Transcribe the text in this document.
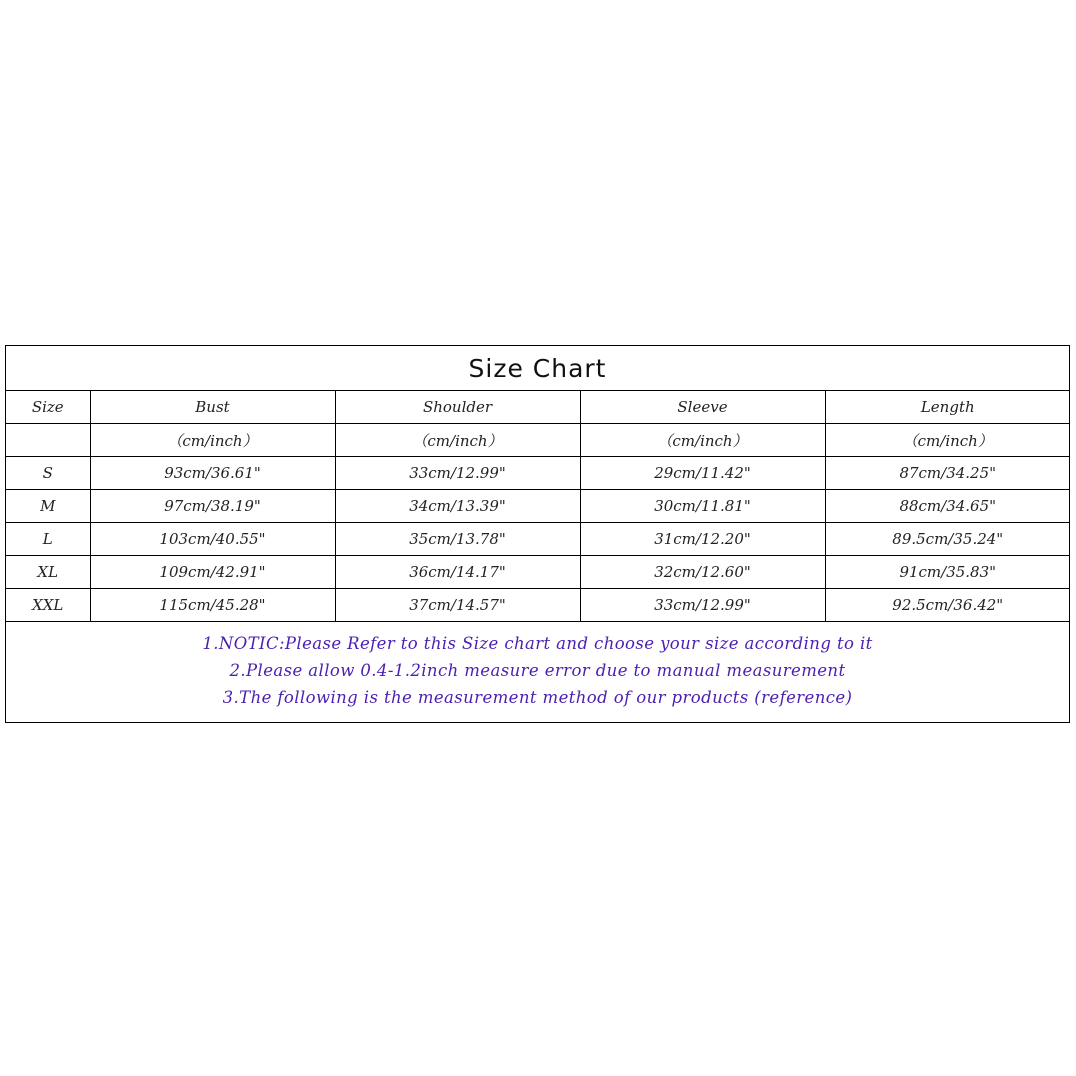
Size Chart
Size	Bust	Shoulder	Sleeve	Length
	（cm/inch）	（cm/inch）	（cm/inch）	（cm/inch）
S	93cm/36.61"	33cm/12.99"	29cm/11.42"	87cm/34.25"
M	97cm/38.19"	34cm/13.39"	30cm/11.81"	88cm/34.65"
L	103cm/40.55"	35cm/13.78"	31cm/12.20"	89.5cm/35.24"
XL	109cm/42.91"	36cm/14.17"	32cm/12.60"	91cm/35.83"
XXL	115cm/45.28"	37cm/14.57"	33cm/12.99"	92.5cm/36.42"
1.NOTIC:Please Refer to this Size chart and choose your size according to it
2.Please allow 0.4-1.2inch measure error due to manual measurement
3.The following is the measurement method of our products (reference)
